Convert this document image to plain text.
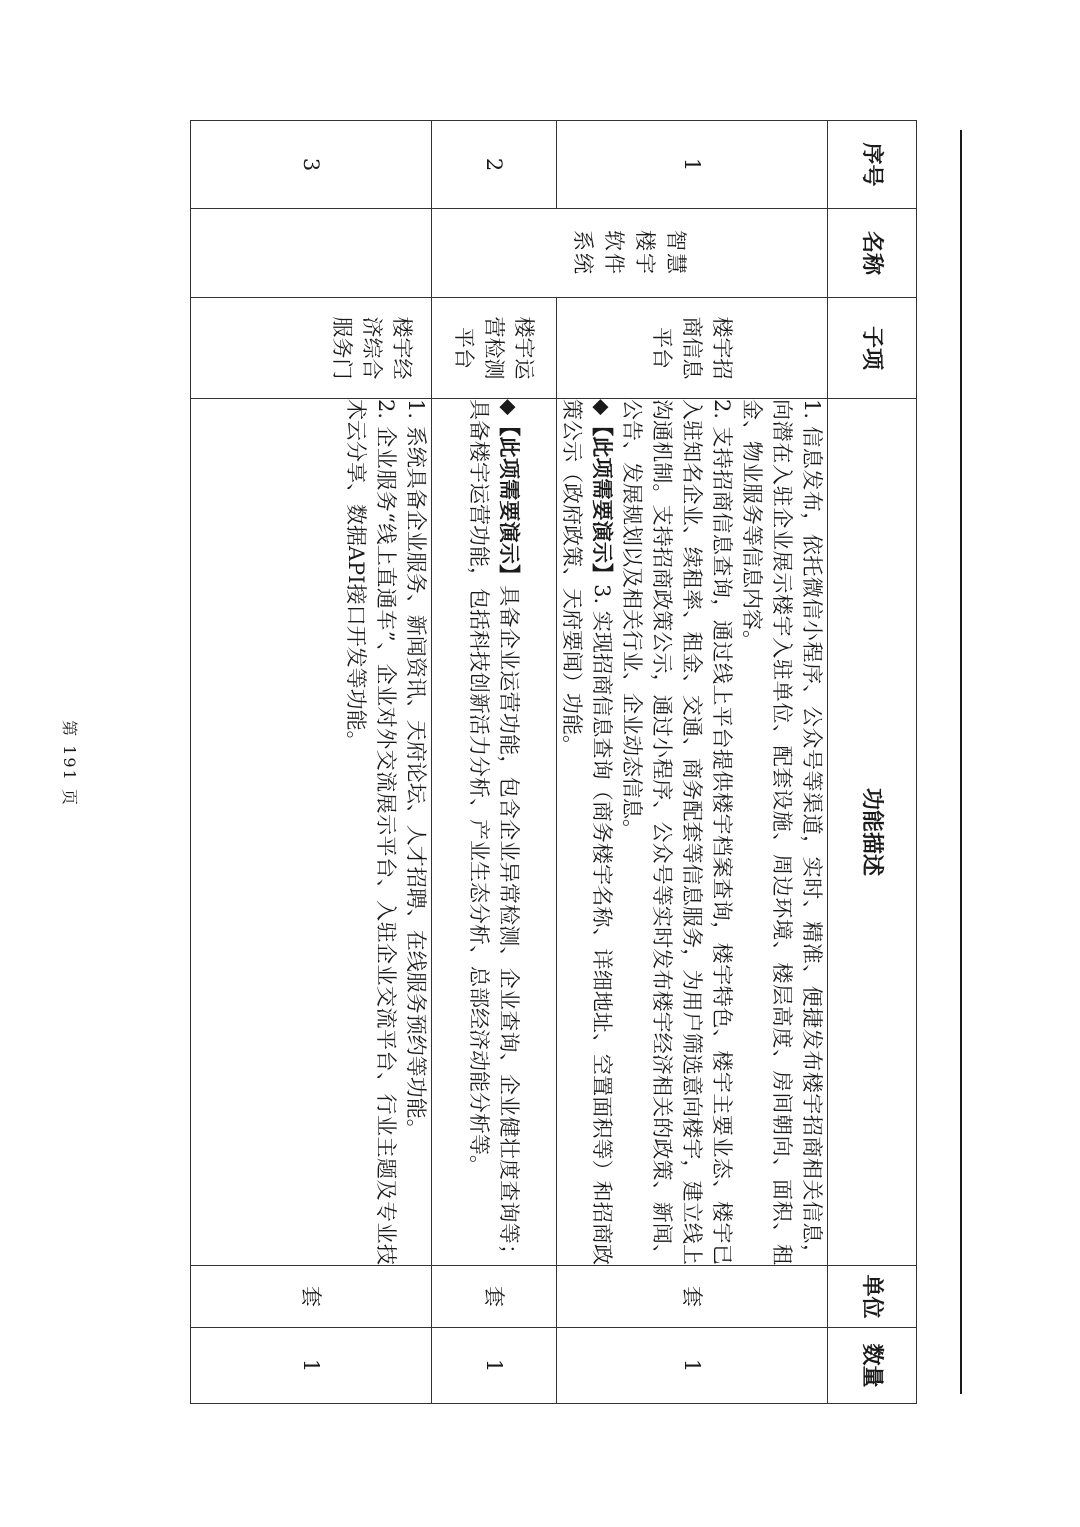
序号	名称	子项	功能描述	单位	数量
1	智慧楼宇软件系统	楼宇招商信息平台	1. 信息发布，依托微信小程序、公众号等渠道，实时、精准、便捷发布楼宇招商相关信息，向潜在入驻企业展示楼宇入驻单位、配套设施、周边环境、楼层高度、房间朝向、面积、租金、物业服务等信息内容。

2. 支持招商信息查询，通过线上平台提供楼宇档案查询，楼宇特色、楼宇主要业态、楼宇已入驻知名企业、续租率、租金、交通、商务配套等信息服务，为用户筛选意向楼宇，建立线上沟通机制。支持招商政策公示，通过小程序、公众号等实时发布楼宇经济相关的政策、新闻、公告、发展规划以及相关行业、企业动态信息。

◆【此项需要演示】3. 实现招商信息查询（商务楼宇名称、详细地址、空置面积等）和招商政策公示（政府政策、天府要闻）功能。	套	1
2		楼宇运营检测平台	◆【此项需要演示】具备企业运营功能，包含企业异常检测、企业查询、企业健壮度查询等；具备楼宇运营功能，包括科技创新活力分析、产业生态分析、总部经济动能分析等。	套	1
3		楼宇经济综合服务门	1. 系统具备企业服务、新闻资讯、天府论坛、人才招聘、在线服务预约等功能。

2. 企业服务“线上直通车”、企业对外交流展示平台、入驻企业交流平台、行业主题及专业技术云分享、数据API接口开发等功能。	套	1
第 191 页
